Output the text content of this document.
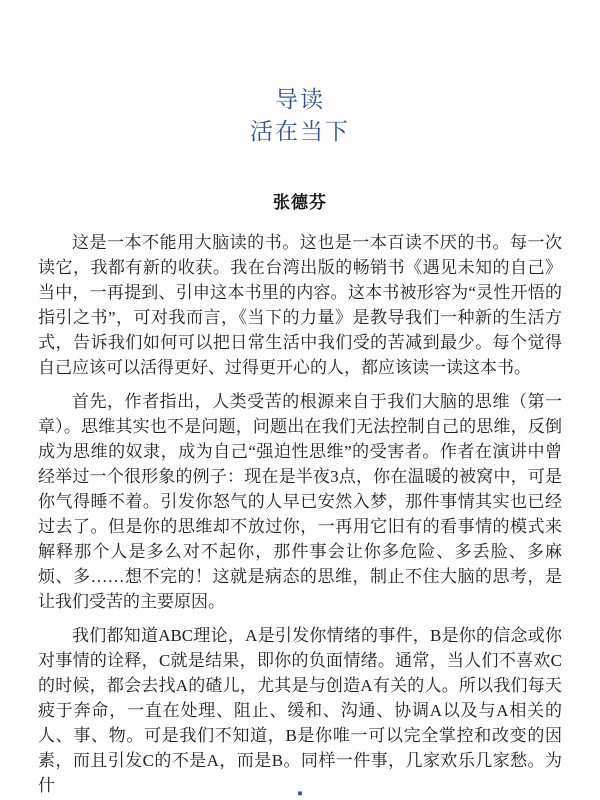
导读
活在当下
张德芬

这是一本不能用大脑读的书。这也是一本百读不厌的书。每一次读它，我都有新的收获。我在台湾出版的畅销书《遇见未知的自己》当中，一再提到、引申这本书里的内容。这本书被形容为“灵性开悟的指引之书”，可对我而言，《当下的力量》是教导我们一种新的生活方式，告诉我们如何可以把日常生活中我们受的苦减到最少。每个觉得自己应该可以活得更好、过得更开心的人，都应该读一读这本书。

首先，作者指出，人类受苦的根源来自于我们大脑的思维（第一章）。思维其实也不是问题，问题出在我们无法控制自己的思维，反倒成为思维的奴隶，成为自己“强迫性思维”的受害者。作者在演讲中曾经举过一个很形象的例子：现在是半夜3点，你在温暖的被窝中，可是你气得睡不着。引发你怒气的人早已安然入梦，那件事情其实也已经过去了。但是你的思维却不放过你，一再用它旧有的看事情的模式来解释那个人是多么对不起你，那件事会让你多危险、多丢脸、多麻烦、多……想不完的！这就是病态的思维，制止不住大脑的思考，是让我们受苦的主要原因。

我们都知道ABC理论，A是引发你情绪的事件，B是你的信念或你对事情的诠释，C就是结果，即你的负面情绪。通常，当人们不喜欢C的时候，都会去找A的碴儿，尤其是与创造A有关的人。所以我们每天疲于奔命，一直在处理、阻止、缓和、沟通、协调A以及与A相关的人、事、物。可是我们不知道，B是你唯一可以完全掌控和改变的因素，而且引发C的不是A，而是B。同样一件事，几家欢乐几家愁。为什	▪
